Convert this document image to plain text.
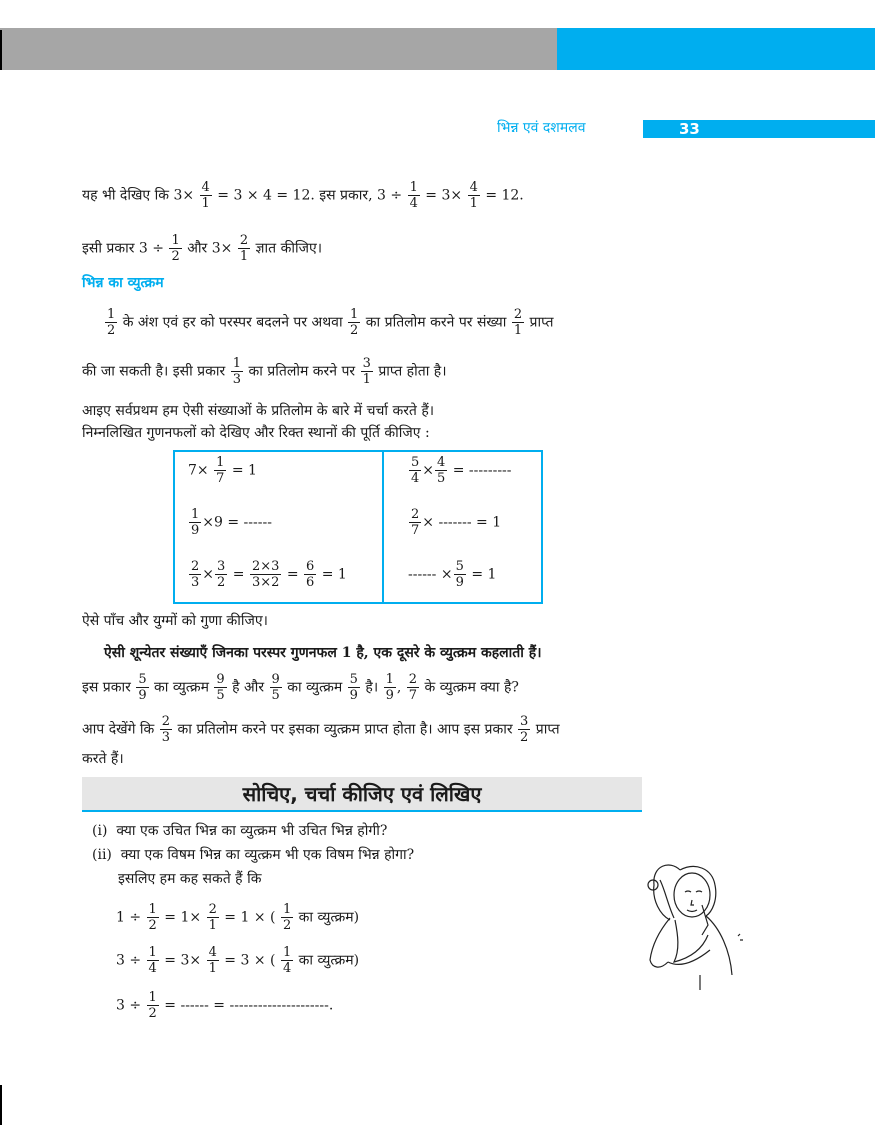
भिन्न एवं दशमलव	33
यह भी देखिए कि $3\times \frac{4}{1} = 3 \times 4 = 12$. इस प्रकार, $3 \div \frac{1}{4} = 3\times \frac{4}{1} = 12$.
इसी प्रकार $3 \div \frac{1}{2}$ और $3\times \frac{2}{1}$ ज्ञात कीजिए।
भिन्न का व्युत्क्रम
$\frac{1}{2}$ के अंश एवं हर को परस्पर बदलने पर अथवा $\frac{1}{2}$ का प्रतिलोम करने पर संख्या $\frac{2}{1}$ प्राप्त
की जा सकती है। इसी प्रकार $\frac{1}{3}$ का प्रतिलोम करने पर $\frac{3}{1}$ प्राप्त होता है।
आइए सर्वप्रथम हम ऐसी संख्याओं के प्रतिलोम के बारे में चर्चा करते हैं।
निम्नलिखित गुणनफलों को देखिए और रिक्त स्थानों की पूर्ति कीजिए :
$7\times \frac{1}{7} = 1$	$\frac{5}{4} \times \frac{4}{5}$ = ---------
$\frac{1}{9} \times 9$ = ------	$\frac{2}{7}$ × ------- = 1
$\frac{2}{3} \times \frac{3}{2} = \frac{2\times 3}{3\times 2} = \frac{6}{6} = 1$	------ × $\frac{5}{9} = 1$
ऐसे पाँच और युग्मों को गुणा कीजिए।
ऐसी शून्येतर संख्याएँ जिनका परस्पर गुणनफल 1 है, एक दूसरे के व्युत्क्रम कहलाती हैं।
इस प्रकार $\frac{5}{9}$ का व्युत्क्रम $\frac{9}{5}$ है और $\frac{9}{5}$ का व्युत्क्रम $\frac{5}{9}$ है। $\frac{1}{9}$ , $\frac{2}{7}$ के व्युत्क्रम क्या है?
आप देखेंगे कि $\frac{2}{3}$ का प्रतिलोम करने पर इसका व्युत्क्रम प्राप्त होता है। आप इस प्रकार $\frac{3}{2}$ प्राप्त
करते हैं।
सोचिए, चर्चा कीजिए एवं लिखिए
(i) क्या एक उचित भिन्न का व्युत्क्रम भी उचित भिन्न होगी?
(ii) क्या एक विषम भिन्न का व्युत्क्रम भी एक विषम भिन्न होगा?
इसलिए हम कह सकते हैं कि
$1 \div \frac{1}{2} = 1\times \frac{2}{1} = 1$ × ( $\frac{1}{2}$ का व्युत्क्रम)
$3 \div \frac{1}{4} = 3\times \frac{4}{1} = 3$ × ( $\frac{1}{4}$ का व्युत्क्रम)
$3 \div \frac{1}{2}$ = ------ = ---------------------.
